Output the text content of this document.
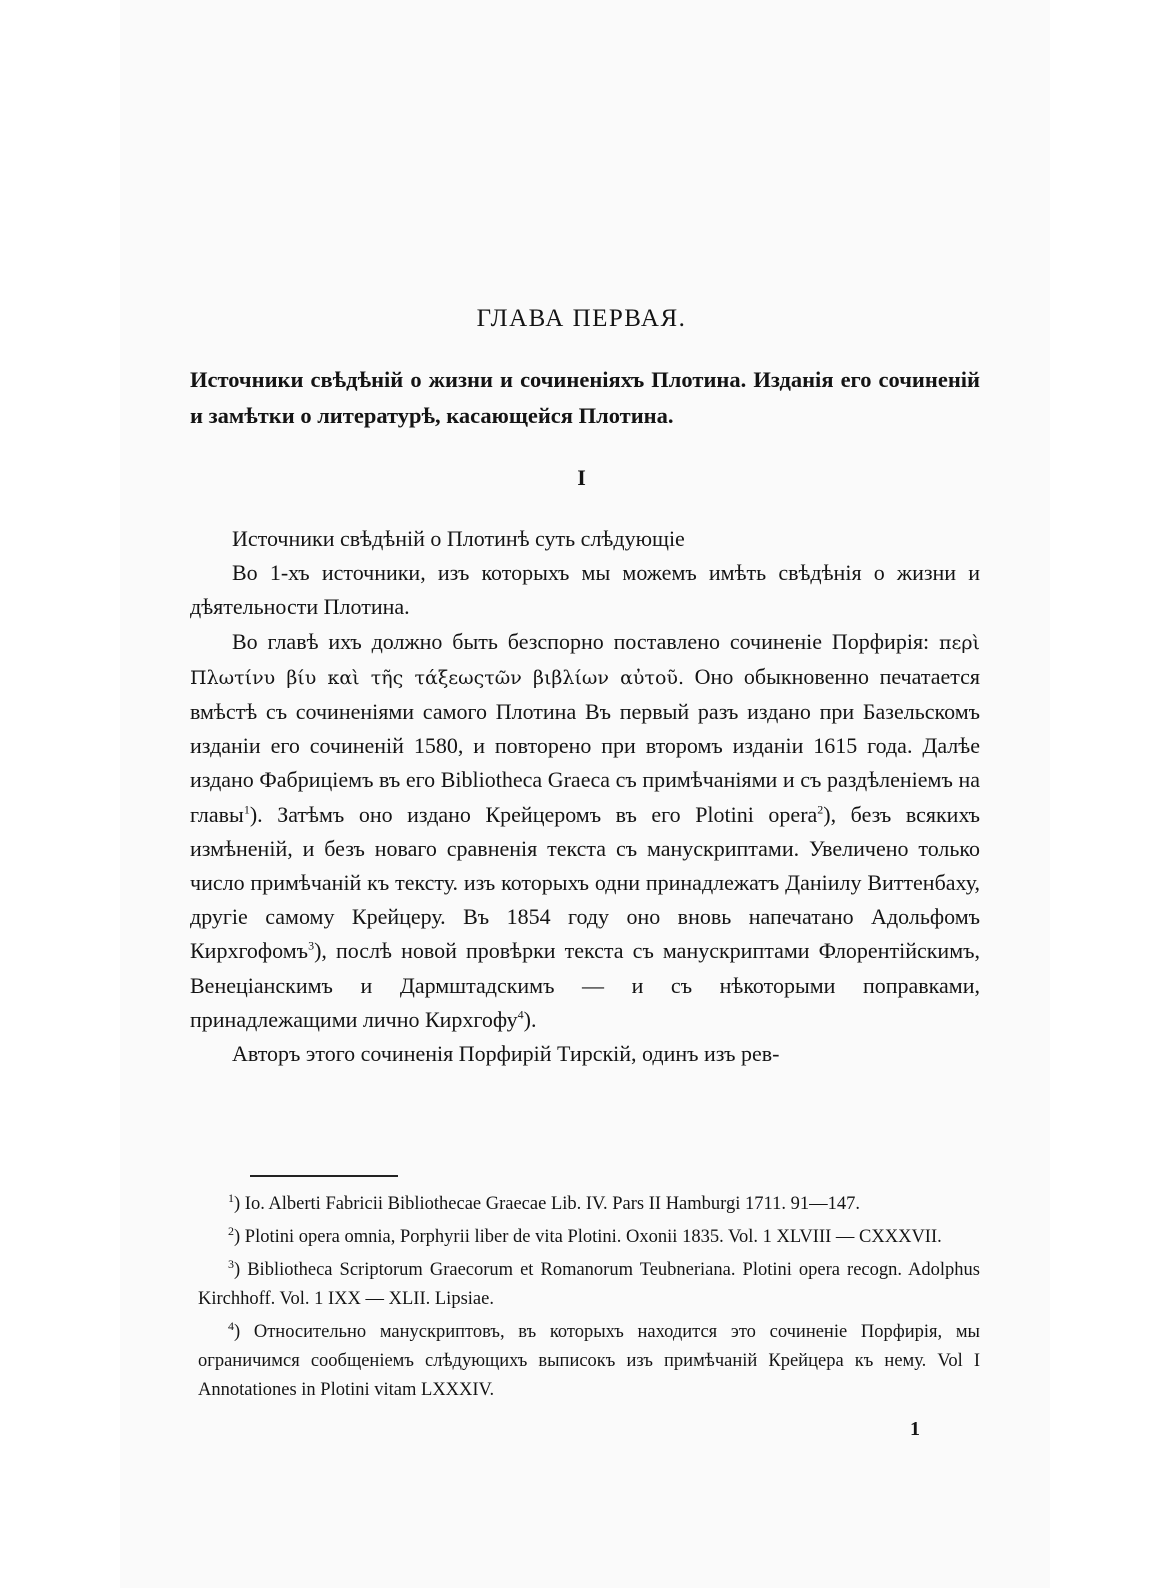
ГЛАВА ПЕРВАЯ.
Источники свѣдѣній о жизни и сочиненіяхъ Плотина. Изданія его сочиненій и замѣтки о литературѣ, касающейся Плотина.
I

Источники свѣдѣній о Плотинѣ суть слѣдующіе

Во 1-хъ источники, изъ которыхъ мы можемъ имѣть свѣдѣнія о жизни и дѣятельности Плотина.

Во главѣ ихъ должно быть безспорно поставлено сочиненіе Порфирія: περὶ Πλωτίνυ βίυ καὶ τῆς τάξεωςτῶν βιβλίων αὐτοῦ. Оно обыкновенно печатается вмѣстѣ съ сочиненіями самого Плотина Въ первый разъ издано при Базельскомъ изданіи его сочиненій 1580, и повторено при второмъ изданіи 1615 года. Далѣе издано Фабриціемъ въ его Bibliotheca Graeca съ примѣчаніями и съ раздѣленіемъ на главы$^1$). Затѣмъ оно издано Крейцеромъ въ его Plotini opera$^2$), безъ всякихъ измѣненій, и безъ новаго сравненія текста съ манускриптами. Увеличено только число примѣчаній къ тексту. изъ которыхъ одни принадлежатъ Даніилу Виттенбаху, другіе самому Крейцеру. Въ 1854 году оно вновь напечатано Адольфомъ Кирхгофомъ$^3$), послѣ новой провѣрки текста съ манускриптами Флорентійскимъ, Венеціанскимъ и Дармштадскимъ — и съ нѣкоторыми поправками, принадлежащими лично Кирхгофу$^4$).

Авторъ этого сочиненія Порфирій Тирскій, одинъ изъ рев-

$^1$) Io. Alberti Fabricii Bibliothecae Graecae Lib. IV. Pars II Hamburgi 1711. 91—147.

$^2$) Plotini opera omnia, Porphyrii liber de vita Plotini. Oxonii 1835. Vol. 1 XLVIII — CXXXVII.

$^3$) Bibliotheca Scriptorum Graecorum et Romanorum Teubneriana. Plotini opera recogn. Adolphus Kirchhoff. Vol. 1 IXX — XLII. Lipsiae.

$^4$) Относительно манускриптовъ, въ которыхъ находится это сочиненіе Порфирія, мы ограничимся сообщеніемъ слѣдующихъ выписокъ изъ примѣчаній Крейцера къ нему. Vol I Annotationes in Plotini vitam LXXXIV.

1
